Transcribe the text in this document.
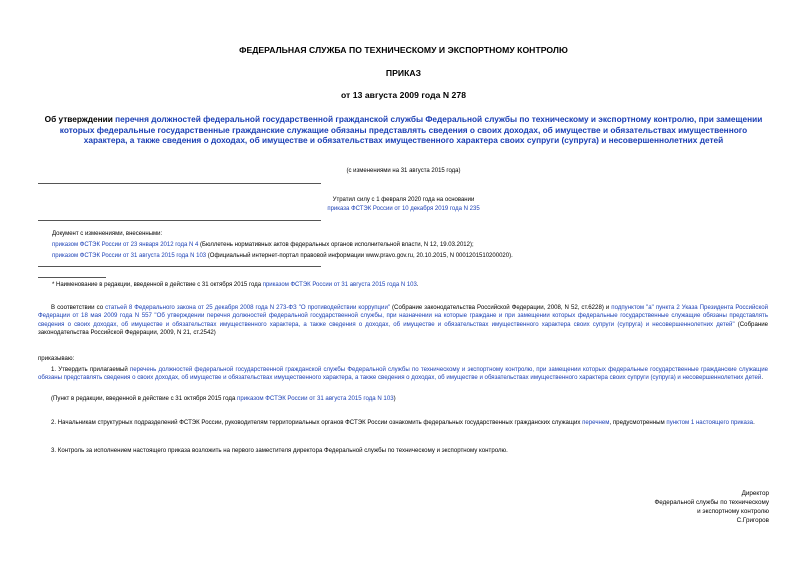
ФЕДЕРАЛЬНАЯ СЛУЖБА ПО ТЕХНИЧЕСКОМУ И ЭКСПОРТНОМУ КОНТРОЛЮ
ПРИКАЗ
от 13 августа 2009 года N 278
Об утверждении перечня должностей федеральной государственной гражданской службы Федеральной службы по техническому и экспортному контролю, при замещении которых федеральные государственные гражданские служащие обязаны представлять сведения о своих доходах, об имуществе и обязательствах имущественного характера, а также сведения о доходах, об имуществе и обязательствах имущественного характера своих супруги (супруга) и несовершеннолетних детей
(с изменениями на 31 августа 2015 года)
Утратил силу с 1 февраля 2020 года на основании
приказа ФСТЭК России от 10 декабря 2019 года N 235
Документ с изменениями, внесенными:
приказом ФСТЭК России от 23 января 2012 года N 4 (Бюллетень нормативных актов федеральных органов исполнительной власти, N 12, 19.03.2012);
приказом ФСТЭК России от 31 августа 2015 года N 103 (Официальный интернет-портал правовой информации www.pravo.gov.ru, 20.10.2015, N 0001201510200020).
* Наименование в редакции, введенной в действие с 31 октября 2015 года приказом ФСТЭК России от 31 августа 2015 года N 103.
В соответствии со статьей 8 Федерального закона от 25 декабря 2008 года N 273-ФЗ "О противодействии коррупции" (Собрание законодательства Российской Федерации, 2008, N 52, ст.6228) и подпунктом "а" пункта 2 Указа Президента Российской Федерации от 18 мая 2009 года N 557 "Об утверждении перечня должностей федеральной государственной службы, при назначении на которые граждане и при замещении которых федеральные государственные служащие обязаны представлять сведения о своих доходах, об имуществе и обязательствах имущественного характера, а также сведения о доходах, об имуществе и обязательствах имущественного характера своих супруги (супруга) и несовершеннолетних детей" (Собрание законодательства Российской Федерации, 2009, N 21, ст.2542)
приказываю:
1. Утвердить прилагаемый перечень должностей федеральной государственной гражданской службы Федеральной службы по техническому и экспортному контролю, при замещении которых федеральные государственные гражданские служащие обязаны представлять сведения о своих доходах, об имуществе и обязательствах имущественного характера, а также сведения о доходах, об имуществе и обязательствах имущественного характера своих супруги (супруга) и несовершеннолетних детей.
(Пункт в редакции, введенной в действие с 31 октября 2015 года приказом ФСТЭК России от 31 августа 2015 года N 103)
2. Начальникам структурных подразделений ФСТЭК России, руководителям территориальных органов ФСТЭК России ознакомить федеральных государственных гражданских служащих перечнем, предусмотренным пунктом 1 настоящего приказа.
3. Контроль за исполнением настоящего приказа возложить на первого заместителя директора Федеральной службы по техническому и экспортному контролю.
Директор
Федеральной службы по техническому
и экспортному контролю
С.Григоров
